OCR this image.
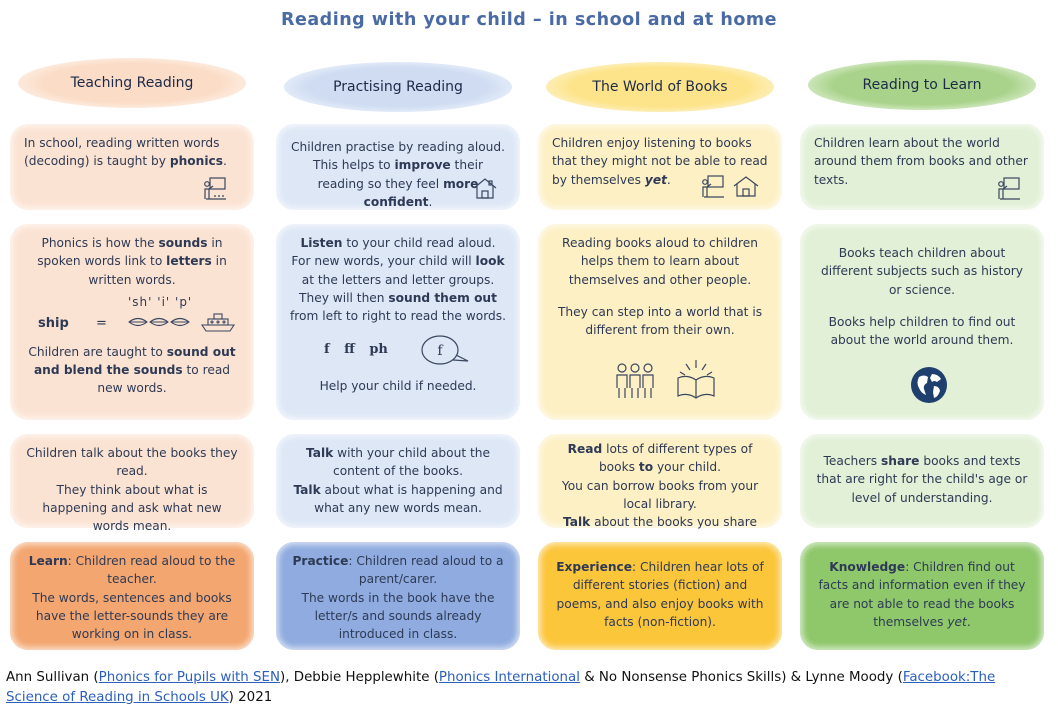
Reading with your child – in school and at home
Teaching Reading
In school, reading written words (decoding) is taught by phonics.
Phonics is how the sounds in spoken words link to letters in written words.
'sh' 'i' 'p'
ship =
Children are taught to sound out and blend the sounds to read new words.
Children talk about the books they read.
They think about what is happening and ask what new words mean.
Learn: Children read aloud to the teacher.
The words, sentences and books have the letter-sounds they are working on in class.
Practising Reading
Children practise by reading aloud. This helps to improve their reading so they feel more confident.
Listen to your child read aloud.
For new words, your child will look at the letters and letter groups.
They will then sound them out from left to right to read the words.
f ff ph	f
Help your child if needed.
Talk with your child about the content of the books.
Talk about what is happening and what any new words mean.
Practice: Children read aloud to a parent/carer.
The words in the book have the letter/s and sounds already introduced in class.
The World of Books
Children enjoy listening to books that they might not be able to read by themselves yet.
Reading books aloud to children helps them to learn about themselves and other people.
They can step into a world that is different from their own.
Read lots of different types of books to your child.
You can borrow books from your local library.
Talk about the books you share
Experience: Children hear lots of different stories (fiction) and poems, and also enjoy books with facts (non-fiction).
Reading to Learn
Children learn about the world around them from books and other texts.
Books teach children about different subjects such as history or science.
Books help children to find out about the world around them.
Teachers share books and texts that are right for the child's age or level of understanding.
Knowledge: Children find out facts and information even if they are not able to read the books themselves yet.
Ann Sullivan (Phonics for Pupils with SEN), Debbie Hepplewhite (Phonics International & No Nonsense Phonics Skills) & Lynne Moody (Facebook:The Science of Reading in Schools UK) 2021
